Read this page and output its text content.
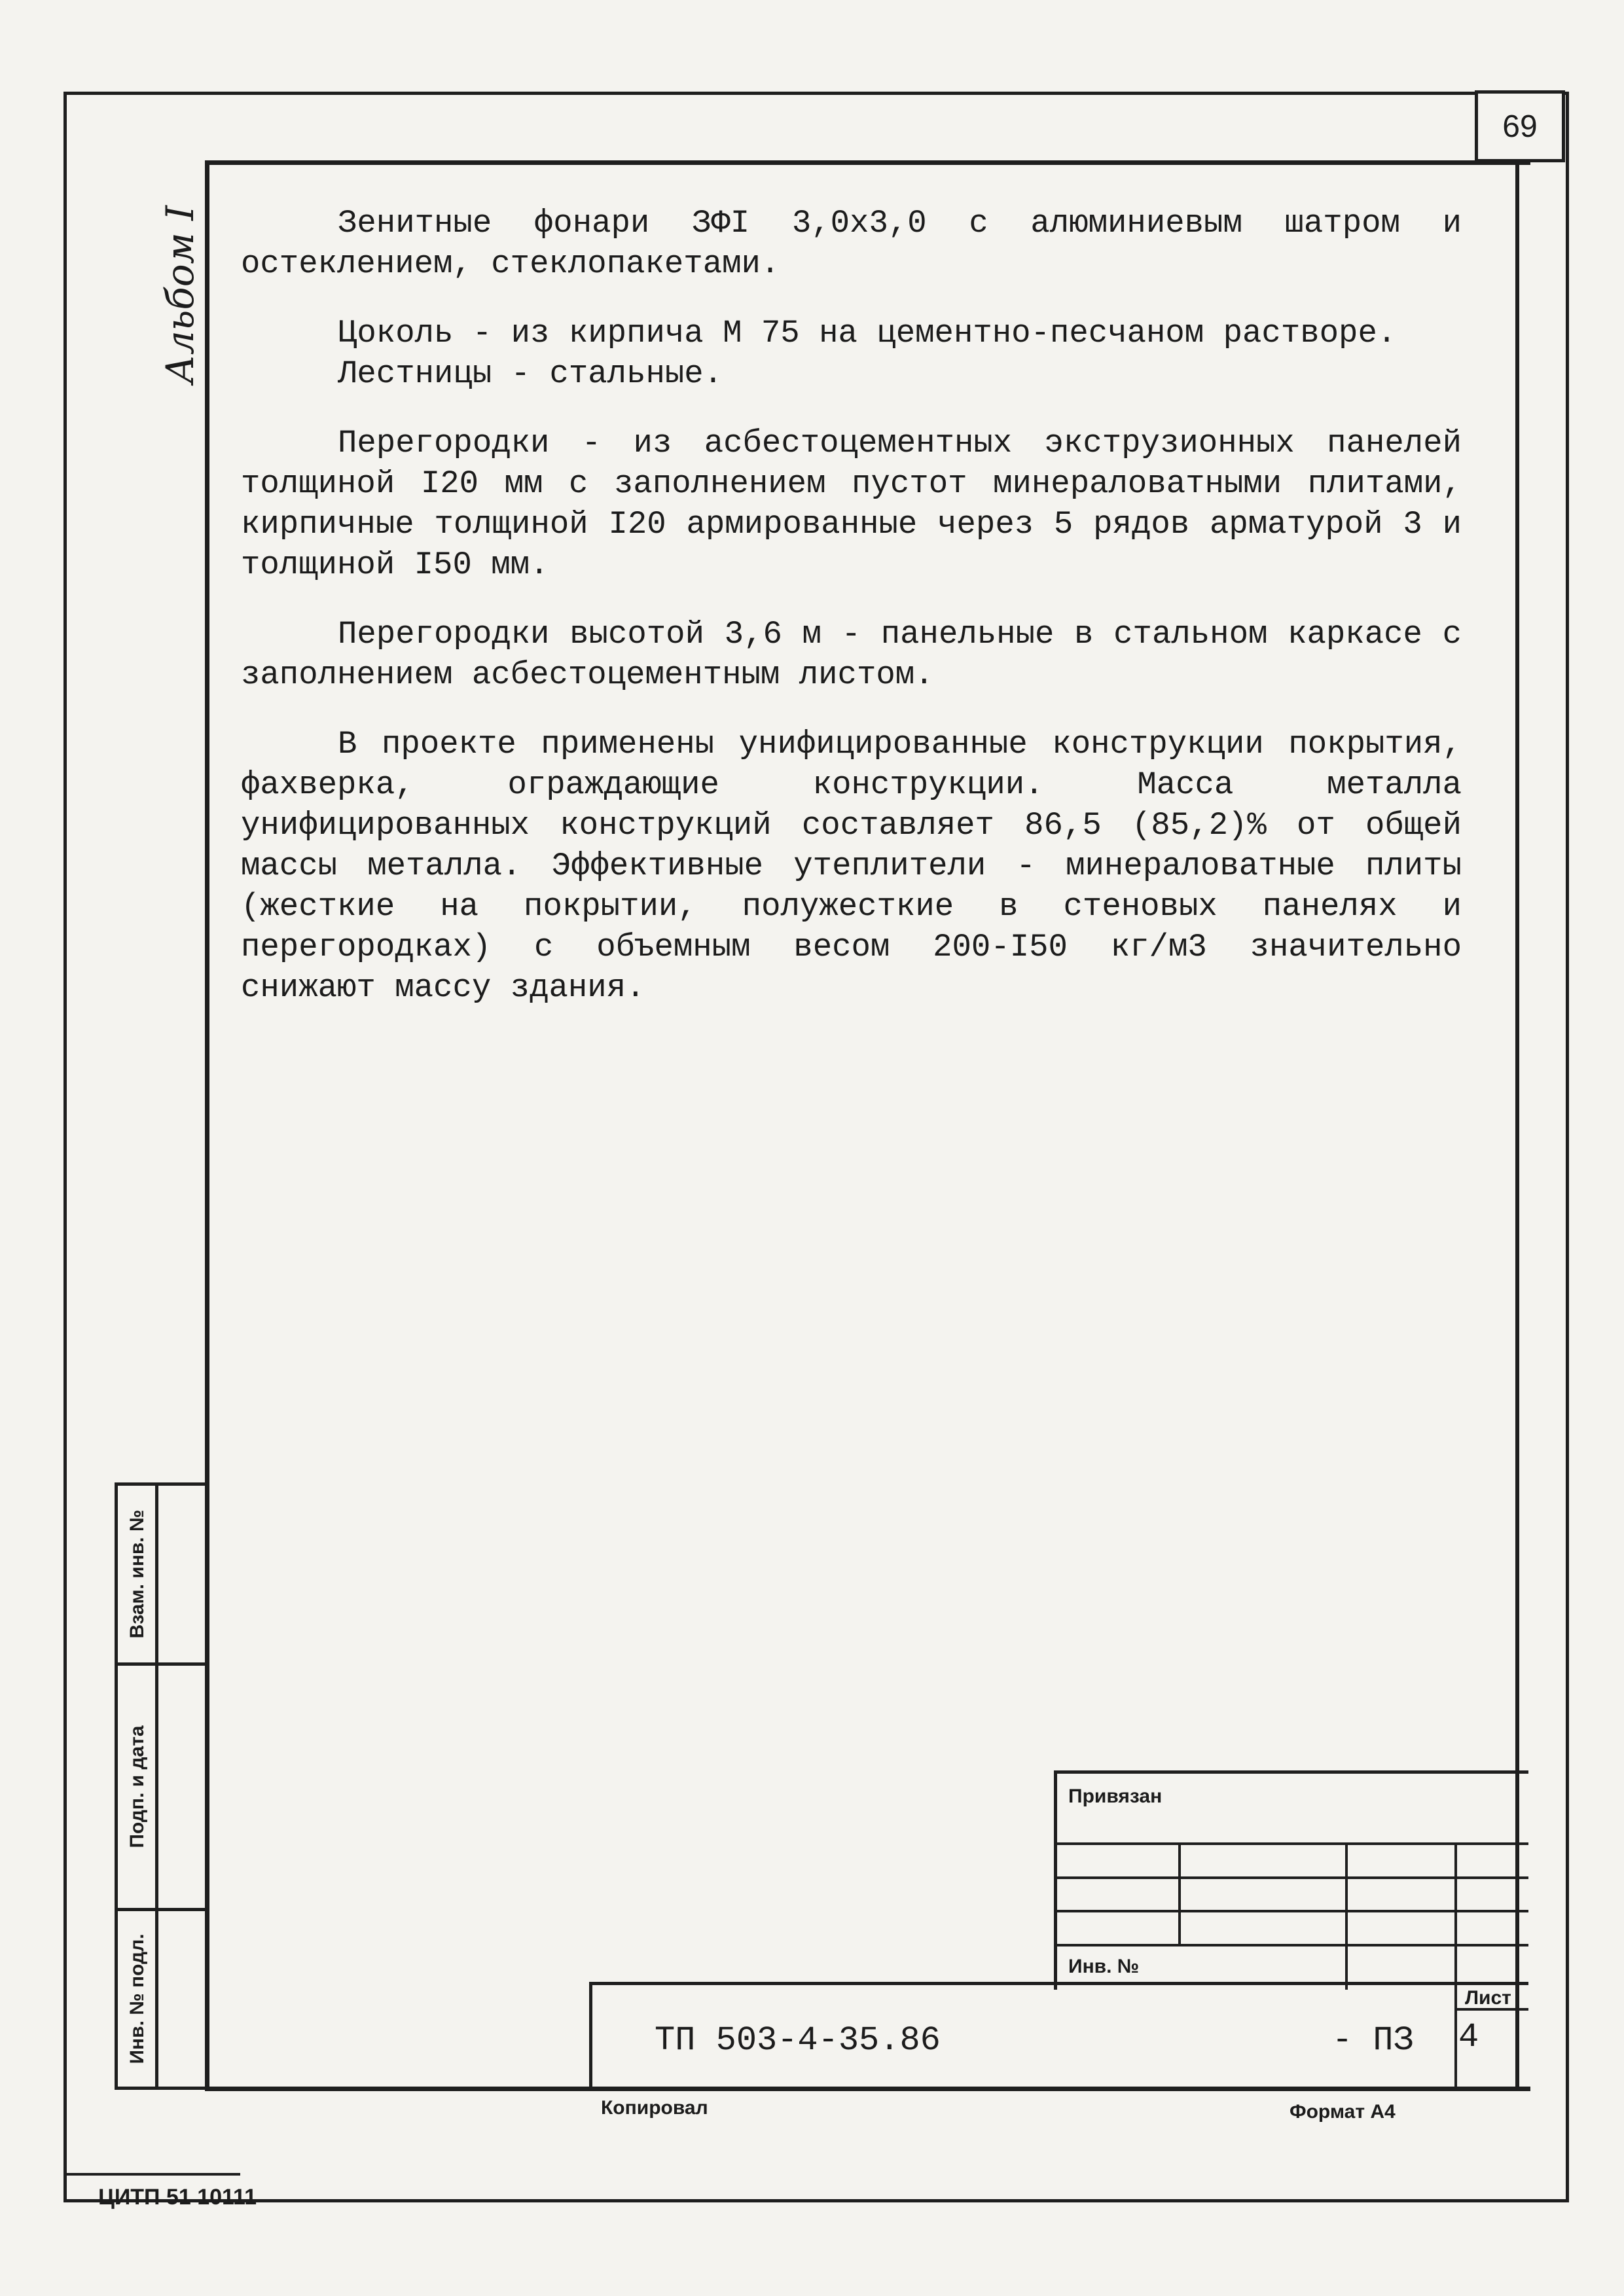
69
Альбом I	Зенитные фонари ЗФI 3,0х3,0 с алюминиевым шатром и остеклением, стеклопакетами.

Цоколь - из кирпича М 75 на цементно-песчаном растворе.

Лестницы - стальные.

Перегородки - из асбестоцементных экструзионных панелей толщиной I20 мм с заполнением пустот минераловатными плитами, кирпичные толщиной I20 армированные через 5 рядов арматурой 3 и толщиной I50 мм.

Перегородки высотой 3,6 м - панельные в стальном каркасе с заполнением асбестоцементным листом.

В проекте применены унифицированные конструкции покрытия, фахверка, ограждающие конструкции. Масса металла унифицированных конструкций составляет 86,5 (85,2)% от общей массы металла. Эффективные утеплители - минераловатные плиты (жесткие на покрытии, полужесткие в стеновых панелях и перегородках) с объемным весом 200-I50 кг/м3 значительно снижают массу здания.

Взам. инв. №
Подп. и дата
Инв. № подл.
Привязан
Инв. №
Лист
ТП 503-4-35.86	- ПЗ 4
Копировал	Формат А4
ЦИТП 51 10111
